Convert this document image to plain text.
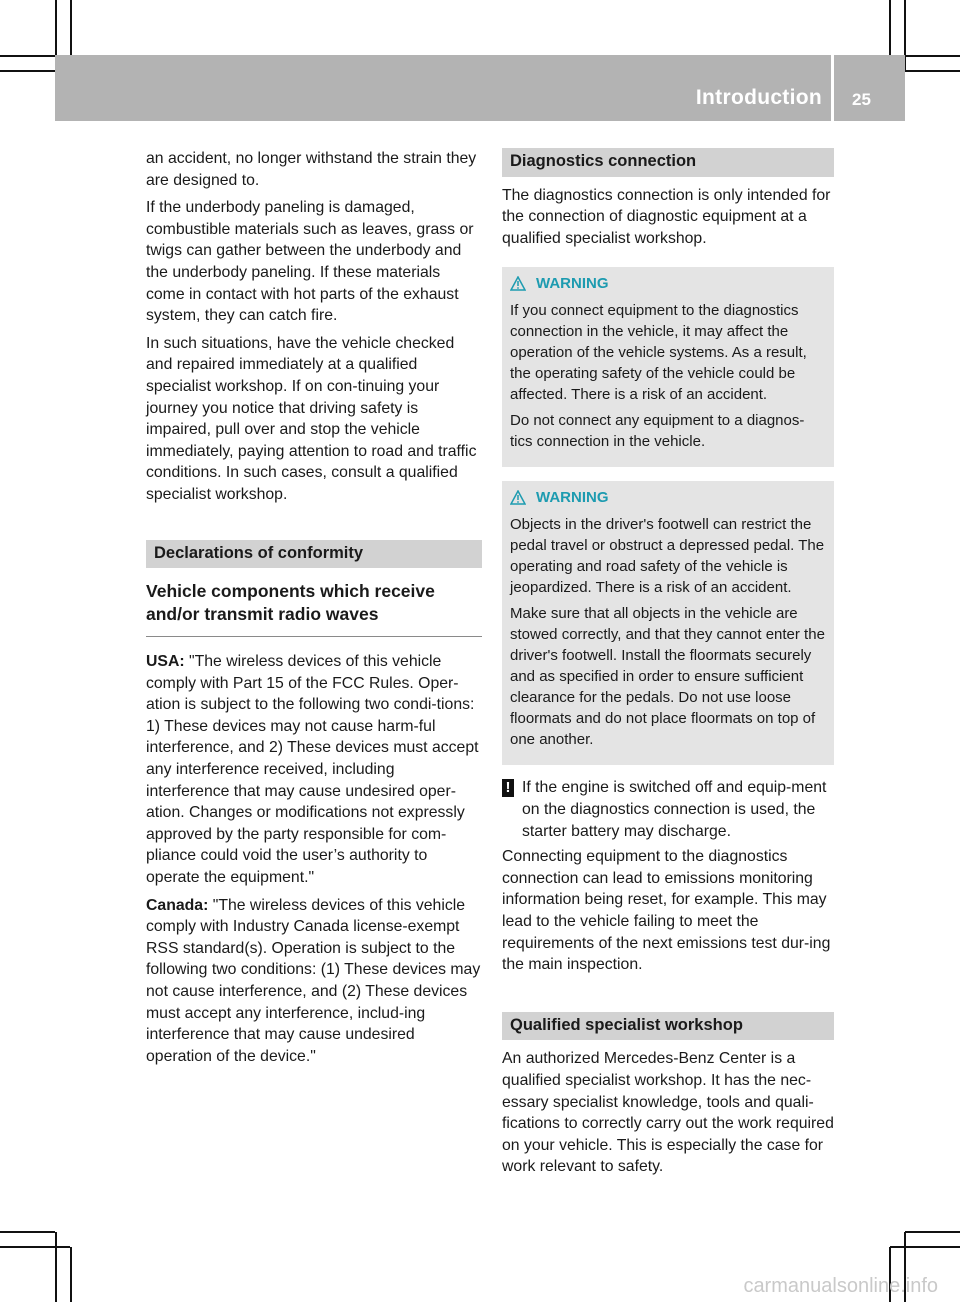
Introduction 25

an accident, no longer withstand the strain they are designed to.

If the underbody paneling is damaged, combustible materials such as leaves, grass or twigs can gather between the underbody and the underbody paneling. If these materials come in contact with hot parts of the exhaust system, they can catch fire.

In such situations, have the vehicle checked and repaired immediately at a qualified specialist workshop. If on con-tinuing your journey you notice that driving safety is impaired, pull over and stop the vehicle immediately, paying attention to road and traffic conditions. In such cases, consult a qualified specialist workshop.

Declarations of conformity
Vehicle components which receive and/or transmit radio waves

USA: "The wireless devices of this vehicle comply with Part 15 of the FCC Rules. Oper-ation is subject to the following two condi-tions: 1) These devices may not cause harm-ful interference, and 2) These devices must accept any interference received, including interference that may cause undesired oper-ation. Changes or modifications not expressly approved by the party responsible for com-pliance could void the user’s authority to operate the equipment."

Canada: "The wireless devices of this vehicle comply with Industry Canada license-exempt RSS standard(s). Operation is subject to the following two conditions: (1) These devices may not cause interference, and (2) These devices must accept any interference, includ-ing interference that may cause undesired operation of the device."

Diagnostics connection

The diagnostics connection is only intended for the connection of diagnostic equipment at a qualified specialist workshop.

WARNING

If you connect equipment to the diagnostics connection in the vehicle, it may affect the operation of the vehicle systems. As a result, the operating safety of the vehicle could be affected. There is a risk of an accident.

Do not connect any equipment to a diagnos-tics connection in the vehicle.

WARNING

Objects in the driver's footwell can restrict the pedal travel or obstruct a depressed pedal. The operating and road safety of the vehicle is jeopardized. There is a risk of an accident.

Make sure that all objects in the vehicle are stowed correctly, and that they cannot enter the driver's footwell. Install the floormats securely and as specified in order to ensure sufficient clearance for the pedals. Do not use loose floormats and do not place floormats on top of one another.

! If the engine is switched off and equip-ment on the diagnostics connection is used, the starter battery may discharge.

Connecting equipment to the diagnostics connection can lead to emissions monitoring information being reset, for example. This may lead to the vehicle failing to meet the requirements of the next emissions test dur-ing the main inspection.

Qualified specialist workshop

An authorized Mercedes-Benz Center is a qualified specialist workshop. It has the nec-essary specialist knowledge, tools and quali-fications to correctly carry out the work required on your vehicle. This is especially the case for work relevant to safety.

carmanualsonline.info
